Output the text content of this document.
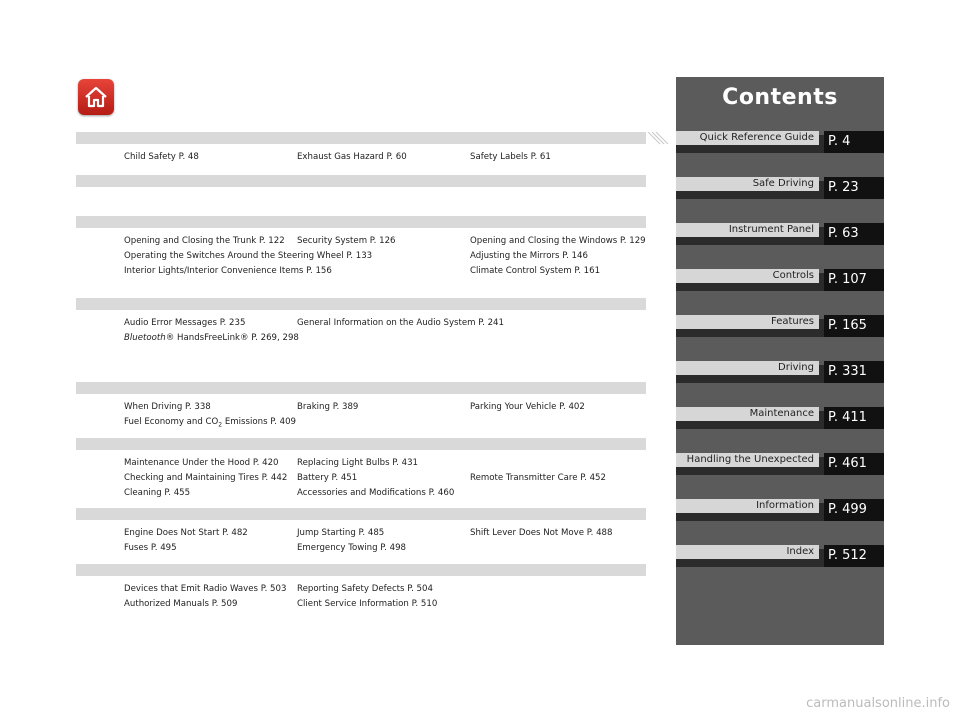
Child Safety P. 48	Exhaust Gas Hazard P. 60	Safety Labels P. 61
Opening and Closing the Trunk P. 122	Security System P. 126	Opening and Closing the Windows P. 129
Operating the Switches Around the Steering Wheel P. 133	Adjusting the Mirrors P. 146
Interior Lights/Interior Convenience Items P. 156	Climate Control System P. 161
Audio Error Messages P. 235	General Information on the Audio System P. 241
Bluetooth® HandsFreeLink® P. 269, 298
When Driving P. 338	Braking P. 389	Parking Your Vehicle P. 402
Fuel Economy and $CO_2$ Emissions P. 409
Maintenance Under the Hood P. 420	Replacing Light Bulbs P. 431
Checking and Maintaining Tires P. 442	Battery P. 451	Remote Transmitter Care P. 452
Cleaning P. 455	Accessories and Modifications P. 460
Engine Does Not Start P. 482	Jump Starting P. 485	Shift Lever Does Not Move P. 488
Fuses P. 495	Emergency Towing P. 498
Devices that Emit Radio Waves P. 503	Reporting Safety Defects P. 504
Authorized Manuals P. 509	Client Service Information P. 510
Contents
Quick Reference Guide	P. 4
Safe Driving	P. 23
Instrument Panel	P. 63
Controls	P. 107
Features	P. 165
Driving	P. 331
Maintenance	P. 411
Handling the Unexpected	P. 461
Information	P. 499
Index	P. 512
carmanualsonline.info
